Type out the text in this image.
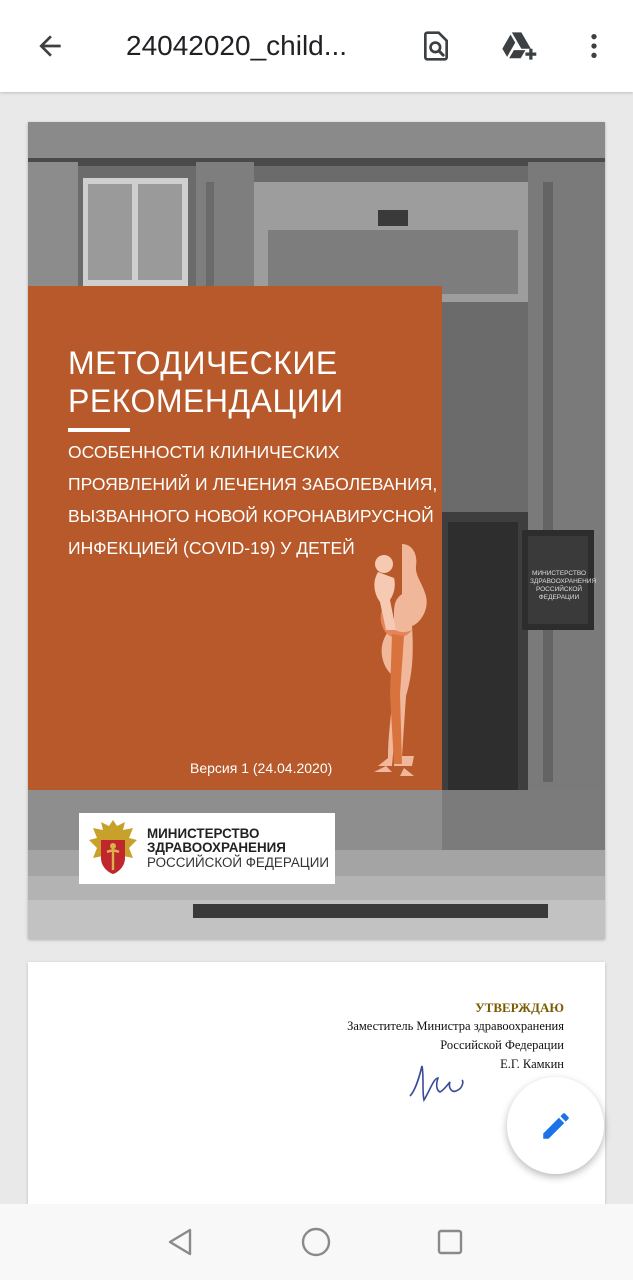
24042020_child...
МИНИСТЕРСТВО
ЗДРАВООХРАНЕНИЯ
РОССИЙСКОЙ
ФЕДЕРАЦИИ
МЕТОДИЧЕСКИЕ
РЕКОМЕНДАЦИИ
ОСОБЕННОСТИ КЛИНИЧЕСКИХ
ПРОЯВЛЕНИЙ И ЛЕЧЕНИЯ ЗАБОЛЕВАНИЯ,
ВЫЗВАННОГО НОВОЙ КОРОНАВИРУСНОЙ
ИНФЕКЦИЕЙ (COVID-19) У ДЕТЕЙ
Версия 1 (24.04.2020)
МИНИСТЕРСТВО
ЗДРАВООХРАНЕНИЯ
РОССИЙСКОЙ ФЕДЕРАЦИИ
УТВЕРЖДАЮ
Заместитель Министра здравоохранения
Российской Федерации
Е.Г. Камкин
